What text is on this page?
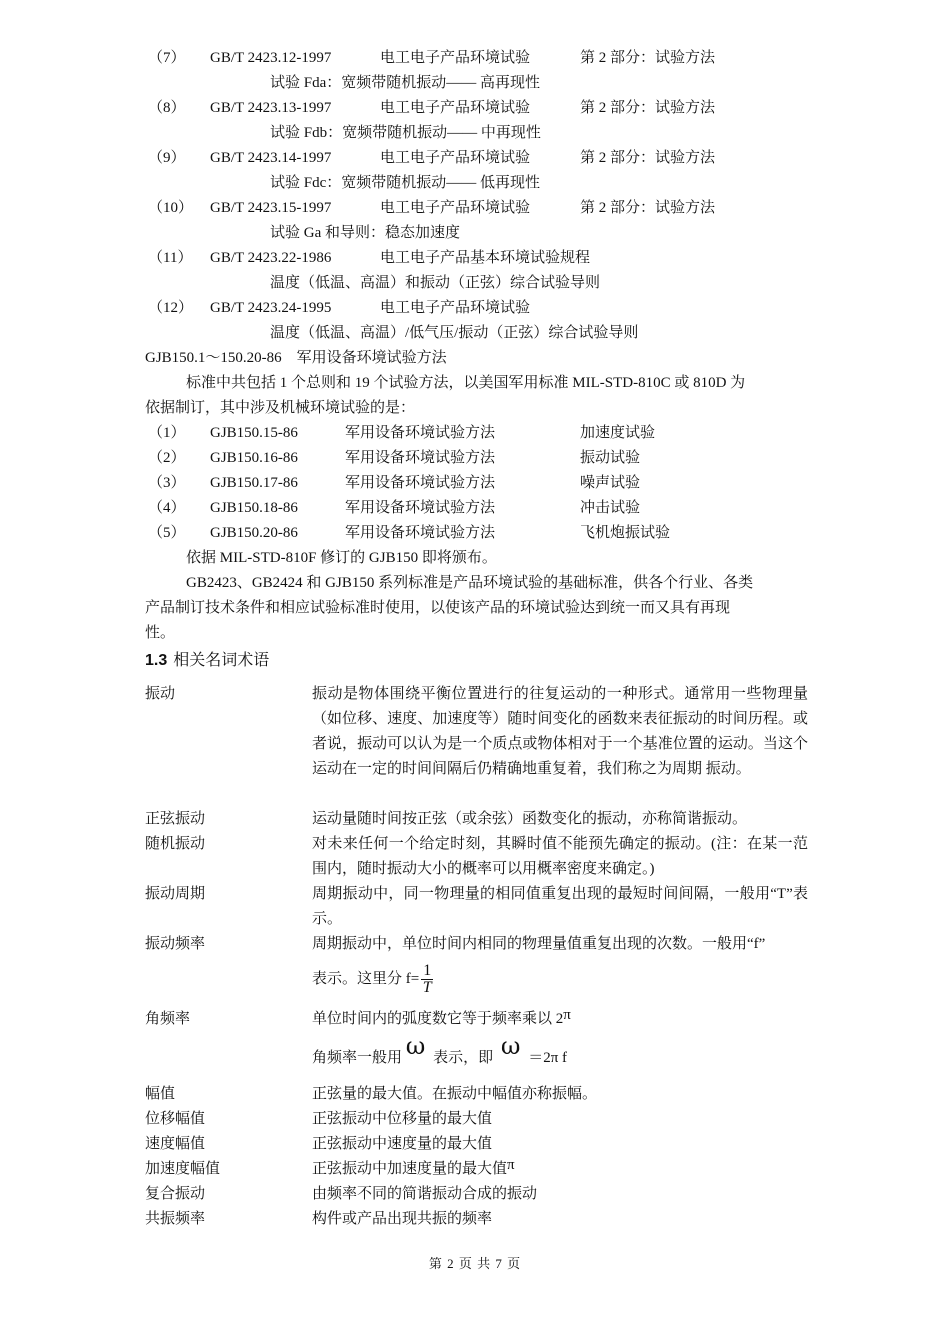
（7） GB/T 2423.12-1997	电工电子产品环境试验	第 2 部分：试验方法
试验 Fda：宽频带随机振动—— 高再现性
（8） GB/T 2423.13-1997	电工电子产品环境试验	第 2 部分：试验方法
试验 Fdb：宽频带随机振动—— 中再现性
（9） GB/T 2423.14-1997	电工电子产品环境试验	第 2 部分：试验方法
试验 Fdc：宽频带随机振动—— 低再现性
（10） GB/T 2423.15-1997	电工电子产品环境试验	第 2 部分：试验方法
试验 Ga 和导则：稳态加速度
（11） GB/T 2423.22-1986	电工电子产品基本环境试验规程
温度（低温、高温）和振动（正弦）综合试验导则
（12） GB/T 2423.24-1995	电工电子产品环境试验
温度（低温、高温）/低气压/振动（正弦）综合试验导则
GJB150.1～150.20-86　军用设备环境试验方法
标准中共包括 1 个总则和 19 个试验方法，以美国军用标准 MIL-STD-810C 或 810D 为
依据制订，其中涉及机械环境试验的是：
（1） GJB150.15-86	军用设备环境试验方法	加速度试验
（2） GJB150.16-86	军用设备环境试验方法	振动试验
（3） GJB150.17-86	军用设备环境试验方法	噪声试验
（4） GJB150.18-86	军用设备环境试验方法	冲击试验
（5） GJB150.20-86	军用设备环境试验方法	飞机炮振试验
依据 MIL-STD-810F 修订的 GJB150 即将颁布。
GB2423、GB2424 和 GJB150 系列标准是产品环境试验的基础标准，供各个行业、各类
产品制订技术条件和相应试验标准时使用，以使该产品的环境试验达到统一而又具有再现
性。
1.3 相关名词术语
振动	振动是物体围绕平衡位置进行的往复运动的一种形式。通常用一些物理量（如位移、速度、加速度等）随时间变化的函数来表征振动的时间历程。或者说，振动可以认为是一个质点或物体相对于一个基准位置的运动。当这个运动在一定的时间间隔后仍精确地重复着，我们称之为周期 振动。
正弦振动	运动量随时间按正弦（或余弦）函数变化的振动，亦称简谐振动。
随机振动	对未来任何一个给定时刻，其瞬时值不能预先确定的振动。(注：在某一范围内，随时振动大小的概率可以用概率密度来确定。)
振动周期	周期振动中，同一物理量的相同值重复出现的最短时间间隔，一般用“T”表示。
振动频率	周期振动中，单位时间内相同的物理量值重复出现的次数。一般用“f”
表示。这里分 $f= \frac{1}{T}$
角频率	单位时间内的弧度数它等于频率乘以 2π
角频率一般用 ω 表示，即 ω ＝2π f
幅值	正弦量的最大值。在振动中幅值亦称振幅。
位移幅值	正弦振动中位移量的最大值
速度幅值	正弦振动中速度量的最大值
加速度幅值	正弦振动中加速度量的最大值π
复合振动	由频率不同的简谐振动合成的振动
共振频率	构件或产品出现共振的频率
第 2 页 共 7 页
